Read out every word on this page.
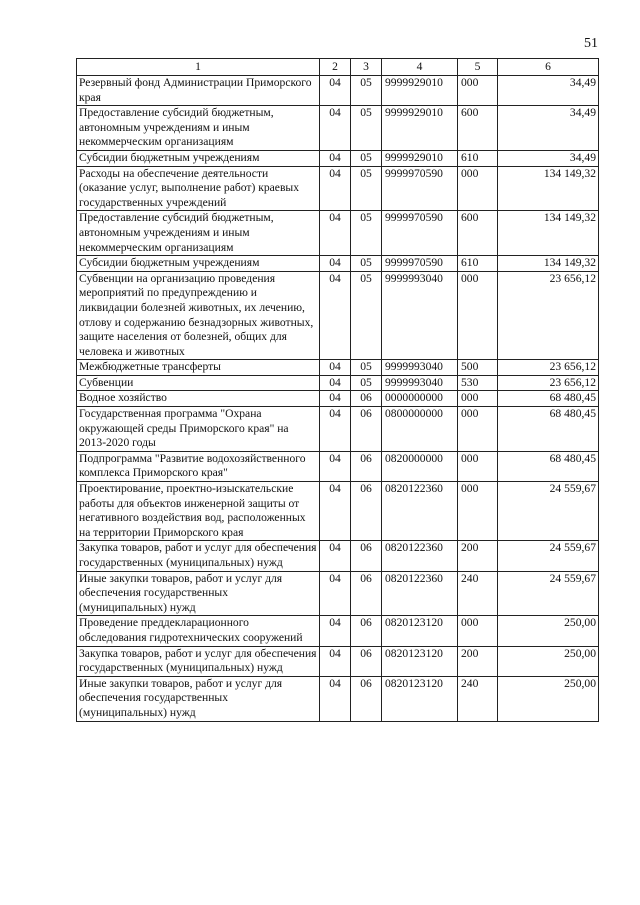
51
1	2	3	4	5	6
Резервный фонд Администрации Приморского края	04	05	9999929010	000	34,49
Предоставление субсидий бюджетным, автономным учреждениям и иным некоммерческим организациям	04	05	9999929010	600	34,49
Субсидии бюджетным учреждениям	04	05	9999929010	610	34,49
Расходы на обеспечение деятельности (оказание услуг, выполнение работ) краевых государственных учреждений	04	05	9999970590	000	134 149,32
Предоставление субсидий бюджетным, автономным учреждениям и иным некоммерческим организациям	04	05	9999970590	600	134 149,32
Субсидии бюджетным учреждениям	04	05	9999970590	610	134 149,32
Субвенции на организацию проведения мероприятий по предупреждению и ликвидации болезней животных, их лечению, отлову и содержанию безнадзорных животных, защите населения от болезней, общих для человека и животных	04	05	9999993040	000	23 656,12
Межбюджетные трансферты	04	05	9999993040	500	23 656,12
Субвенции	04	05	9999993040	530	23 656,12
Водное хозяйство	04	06	0000000000	000	68 480,45
Государственная программа "Охрана окружающей среды Приморского края" на 2013-2020 годы	04	06	0800000000	000	68 480,45
Подпрограмма "Развитие водохозяйственного комплекса Приморского края"	04	06	0820000000	000	68 480,45
Проектирование, проектно-изыскательские работы для объектов инженерной защиты от негативного воздействия вод, расположенных на территории Приморского края	04	06	0820122360	000	24 559,67
Закупка товаров, работ и услуг для обеспечения государственных (муниципальных) нужд	04	06	0820122360	200	24 559,67
Иные закупки товаров, работ и услуг для обеспечения государственных (муниципальных) нужд	04	06	0820122360	240	24 559,67
Проведение преддекларационного обследования гидротехнических сооружений	04	06	0820123120	000	250,00
Закупка товаров, работ и услуг для обеспечения государственных (муниципальных) нужд	04	06	0820123120	200	250,00
Иные закупки товаров, работ и услуг для обеспечения государственных (муниципальных) нужд	04	06	0820123120	240	250,00
